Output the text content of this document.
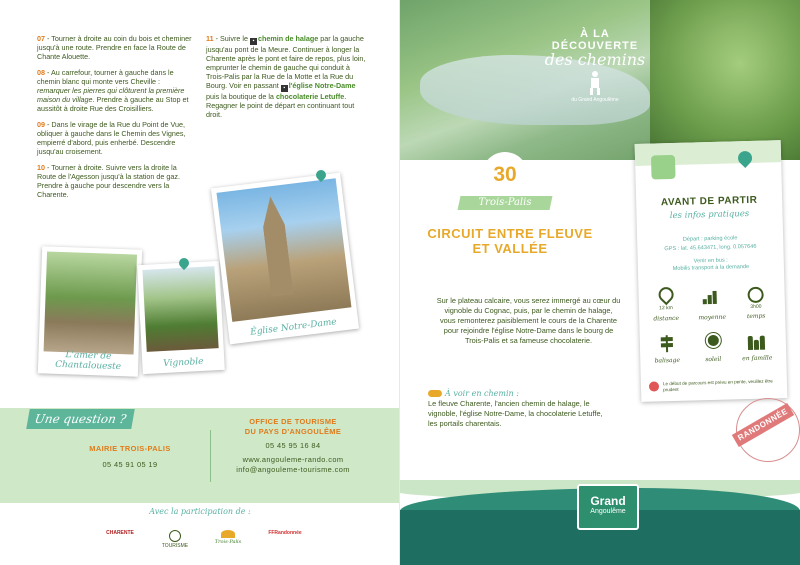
07 - Tourner à droite au coin du bois et cheminer jusqu'à une route. Prendre en face la Route de Chante Alouette.

08 - Au carrefour, tourner à gauche dans le chemin blanc qui monte vers Cheville : remarquer les pierres qui clôturent la première maison du village. Prendre à gauche au Stop et aussitôt à droite Rue des Croisilliers.

09 - Dans le virage de la Rue du Point de Vue, obliquer à gauche dans le Chemin des Vignes, empierré d'abord, puis enherbé. Descendre jusqu'au croisement.

10 - Tourner à droite. Suivre vers la droite la Route de l'Agesson jusqu'à la station de gaz. Prendre à gauche pour descendre vers la Charente.

11 - Suivre le ▪ chemin de halage par la gauche jusqu'au pont de la Meure. Continuer à longer la Charente après le pont et faire de repos, plus loin, emprunter le chemin de gauche qui conduit à Trois-Palis par la Rue de la Motte et la Rue du Bourg. Voir en passant ▪ l'église Notre-Dame puis la boutique de la chocolaterie Letuffe. Regagner le point de départ en continuant tout droit.

L'amer de Chantaloueste	Vignoble
Église Notre-Dame
Une question ?
MAIRIE TROIS-PALIS
05 45 91 05 19
OFFICE DE TOURISME
DU PAYS D'ANGOULÊME
05 45 95 16 84
www.angouleme-rando.com
info@angouleme-tourisme.com
Avec la participation de :
CHARENTE
TOURISME
Trois-Palis
FFRandonnée
À LA
DÉCOUVERTE
des chemins
du Grand Angoulême
30
Trois-Palis
CIRCUIT ENTRE FLEUVE
ET VALLÉE
Sur le plateau calcaire, vous serez immergé au cœur du vignoble du Cognac, puis, par le chemin de halage, vous remonterez paisiblement le cours de la Charente pour rejoindre l'église Notre-Dame dans le bourg de Trois-Palis et sa fameuse chocolaterie.
À voir en chemin :
Le fleuve Charente, l'ancien chemin de halage, le vignoble, l'église Notre-Dame, la chocolaterie Letuffe, les portails charentais.
AVANT DE PARTIR
les infos pratiques
Départ : parking école
GPS : lat. 45.643471, long. 0.057646
Venir en bus :
Mobilis transport à la demande
12 km
distance	moyenne
3h00
temps
balisage	soleil	en famille
Le début de parcours est prévu en pente, veuillez être prudent
RANDONNÉE
Grand
Angoulême
